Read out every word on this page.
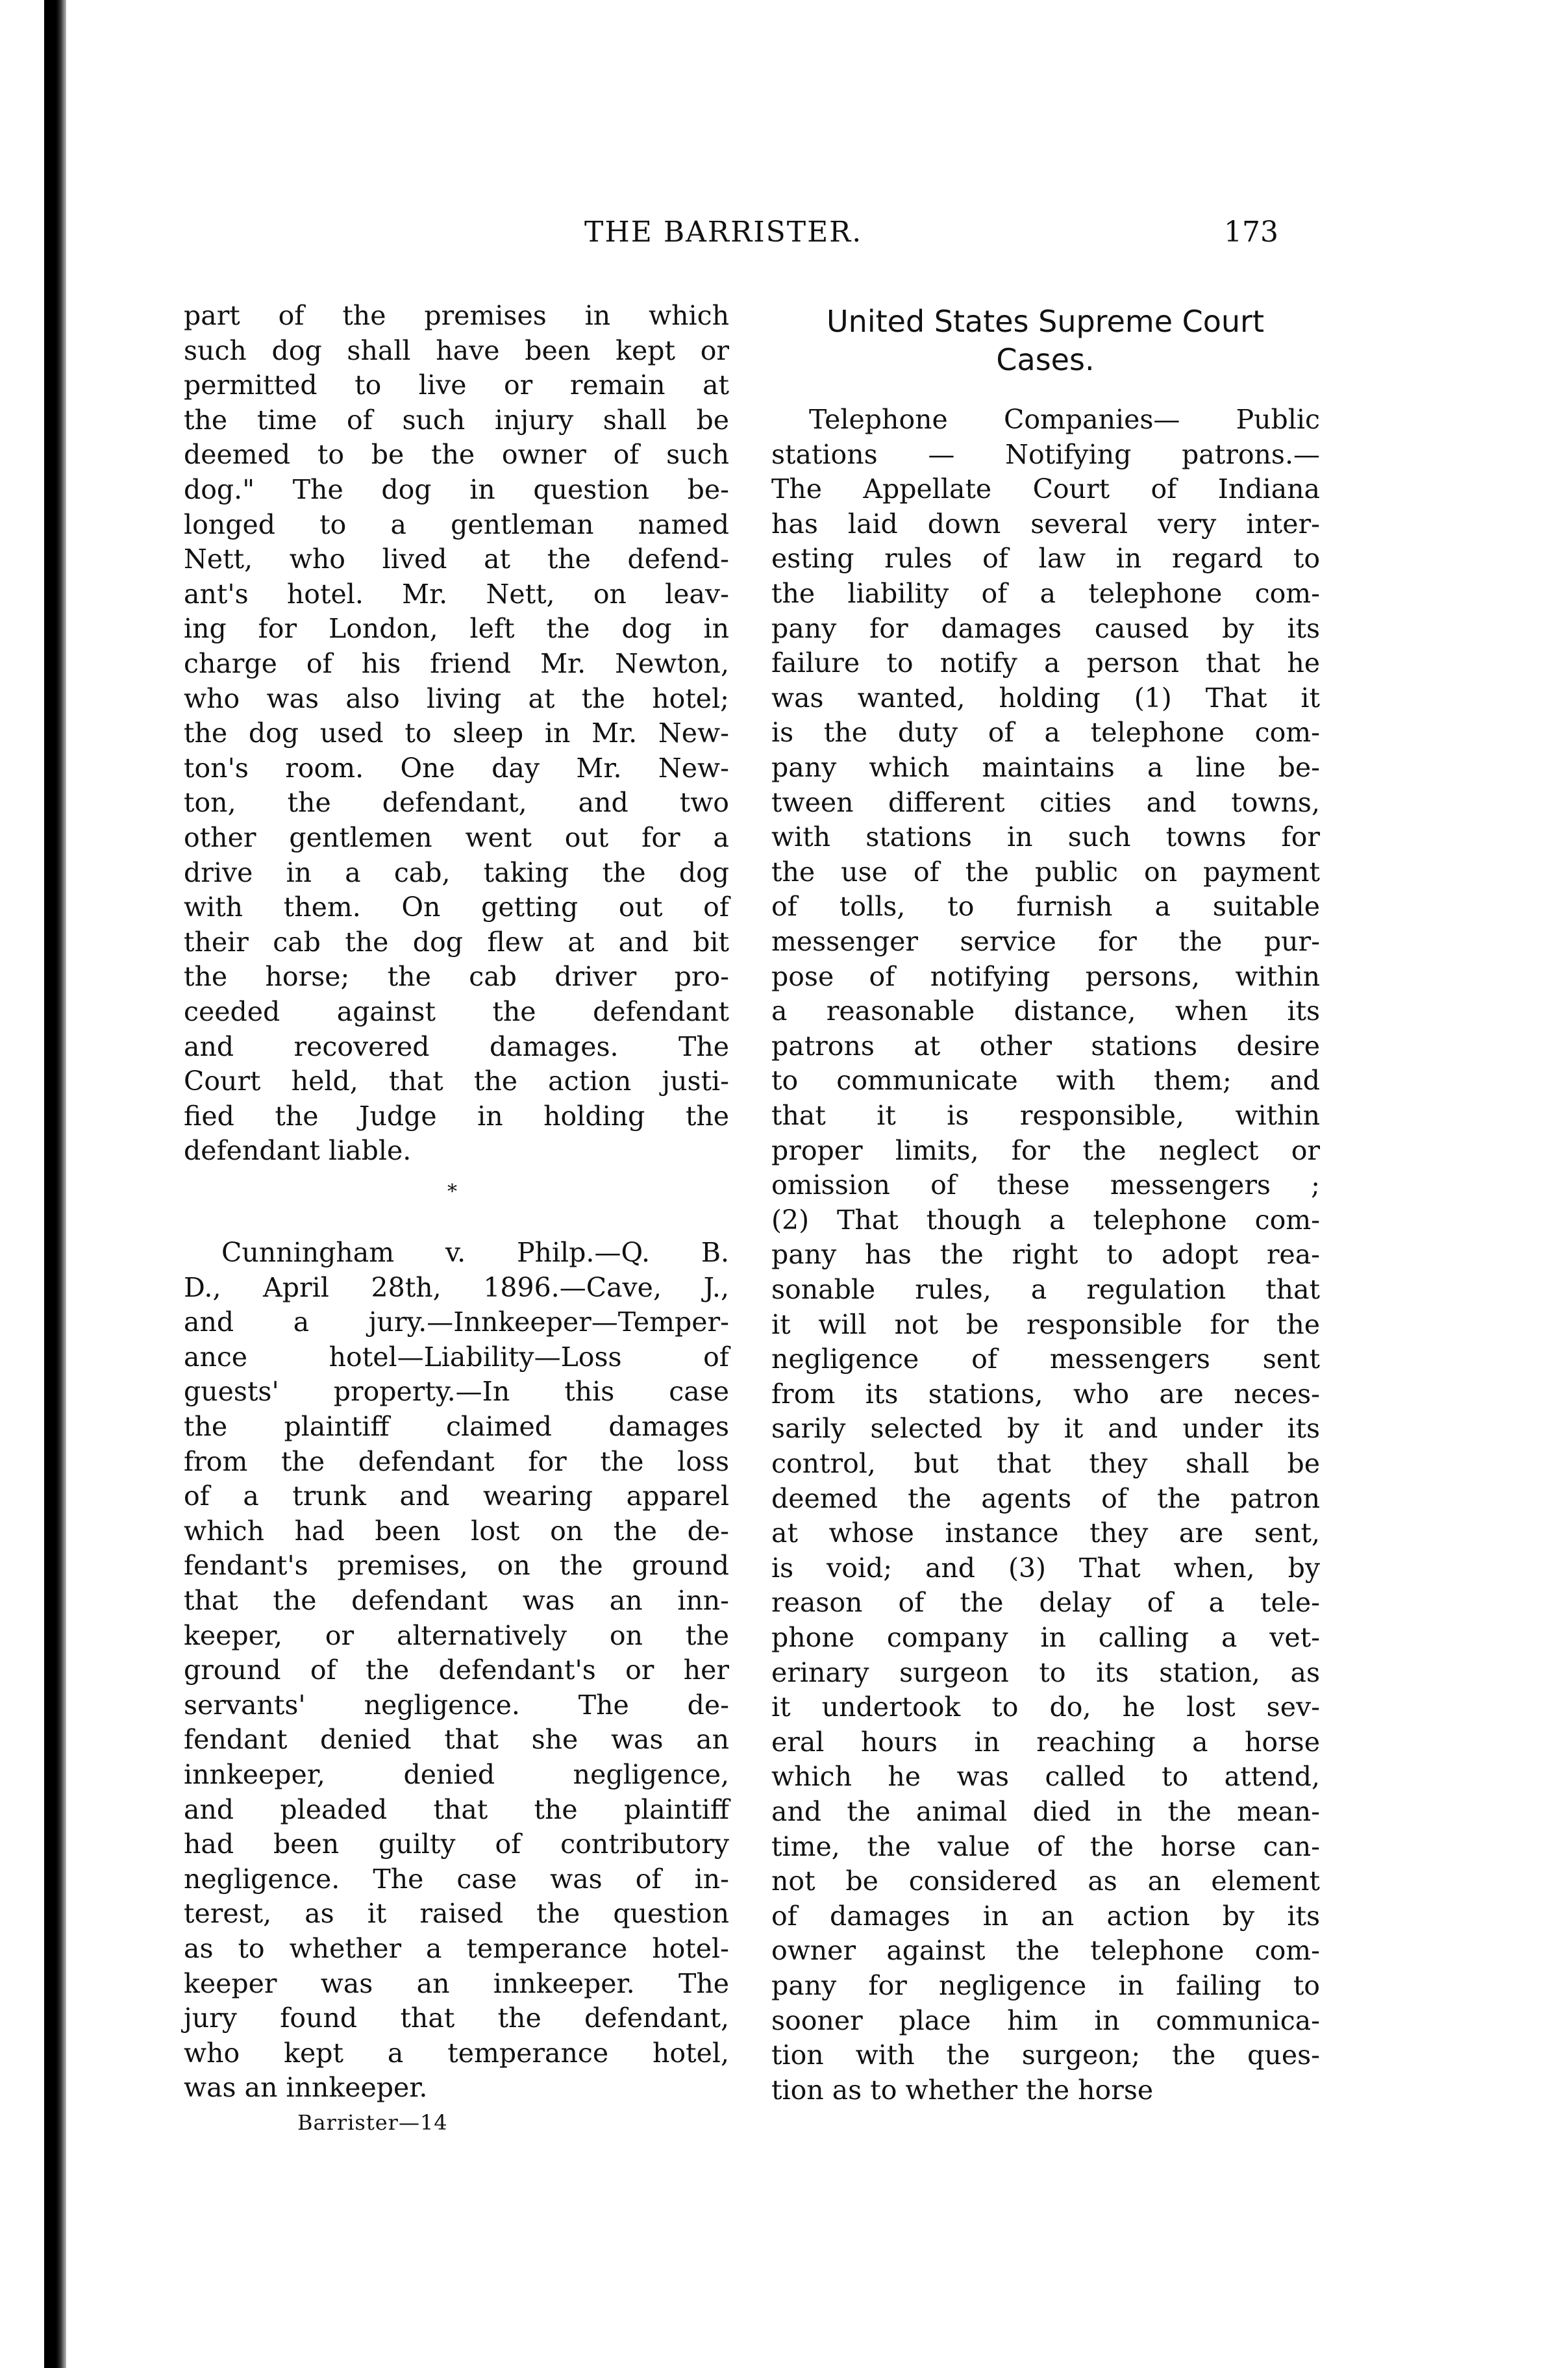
THE BARRISTER.	173
part of the premises in which
such dog shall have been kept or
permitted to live or remain at
the time of such injury shall be
deemed to be the owner of such
dog." The dog in question be-
longed to a gentleman named
Nett, who lived at the defend-
ant's hotel. Mr. Nett, on leav-
ing for London, left the dog in
charge of his friend Mr. Newton,
who was also living at the hotel;
the dog used to sleep in Mr. New-
ton's room. One day Mr. New-
ton, the defendant, and two
other gentlemen went out for a
drive in a cab, taking the dog
with them. On getting out of
their cab the dog flew at and bit
the horse; the cab driver pro-
ceeded against the defendant
and recovered damages. The
Court held, that the action justi-
fied the Judge in holding the
defendant liable.
*
Cunningham v. Philp.—Q. B.
D., April 28th, 1896.—Cave, J.,
and a jury.—Innkeeper—Temper-
ance hotel—Liability—Loss of
guests' property.—In this case
the plaintiff claimed damages
from the defendant for the loss
of a trunk and wearing apparel
which had been lost on the de-
fendant's premises, on the ground
that the defendant was an inn-
keeper, or alternatively on the
ground of the defendant's or her
servants' negligence. The de-
fendant denied that she was an
innkeeper, denied negligence,
and pleaded that the plaintiff
had been guilty of contributory
negligence. The case was of in-
terest, as it raised the question
as to whether a temperance hotel-
keeper was an innkeeper. The
jury found that the defendant,
who kept a temperance hotel,
was an innkeeper.
Barrister—14
United States Supreme Court
Cases.
Telephone Companies— Public
stations — Notifying patrons.—
The Appellate Court of Indiana
has laid down several very inter-
esting rules of law in regard to
the liability of a telephone com-
pany for damages caused by its
failure to notify a person that he
was wanted, holding (1) That it
is the duty of a telephone com-
pany which maintains a line be-
tween different cities and towns,
with stations in such towns for
the use of the public on payment
of tolls, to furnish a suitable
messenger service for the pur-
pose of notifying persons, within
a reasonable distance, when its
patrons at other stations desire
to communicate with them; and
that it is responsible, within
proper limits, for the neglect or
omission of these messengers ;
(2) That though a telephone com-
pany has the right to adopt rea-
sonable rules, a regulation that
it will not be responsible for the
negligence of messengers sent
from its stations, who are neces-
sarily selected by it and under its
control, but that they shall be
deemed the agents of the patron
at whose instance they are sent,
is void; and (3) That when, by
reason of the delay of a tele-
phone company in calling a vet-
erinary surgeon to its station, as
it undertook to do, he lost sev-
eral hours in reaching a horse
which he was called to attend,
and the animal died in the mean-
time, the value of the horse can-
not be considered as an element
of damages in an action by its
owner against the telephone com-
pany for negligence in failing to
sooner place him in communica-
tion with the surgeon; the ques-
tion as to whether the horse
